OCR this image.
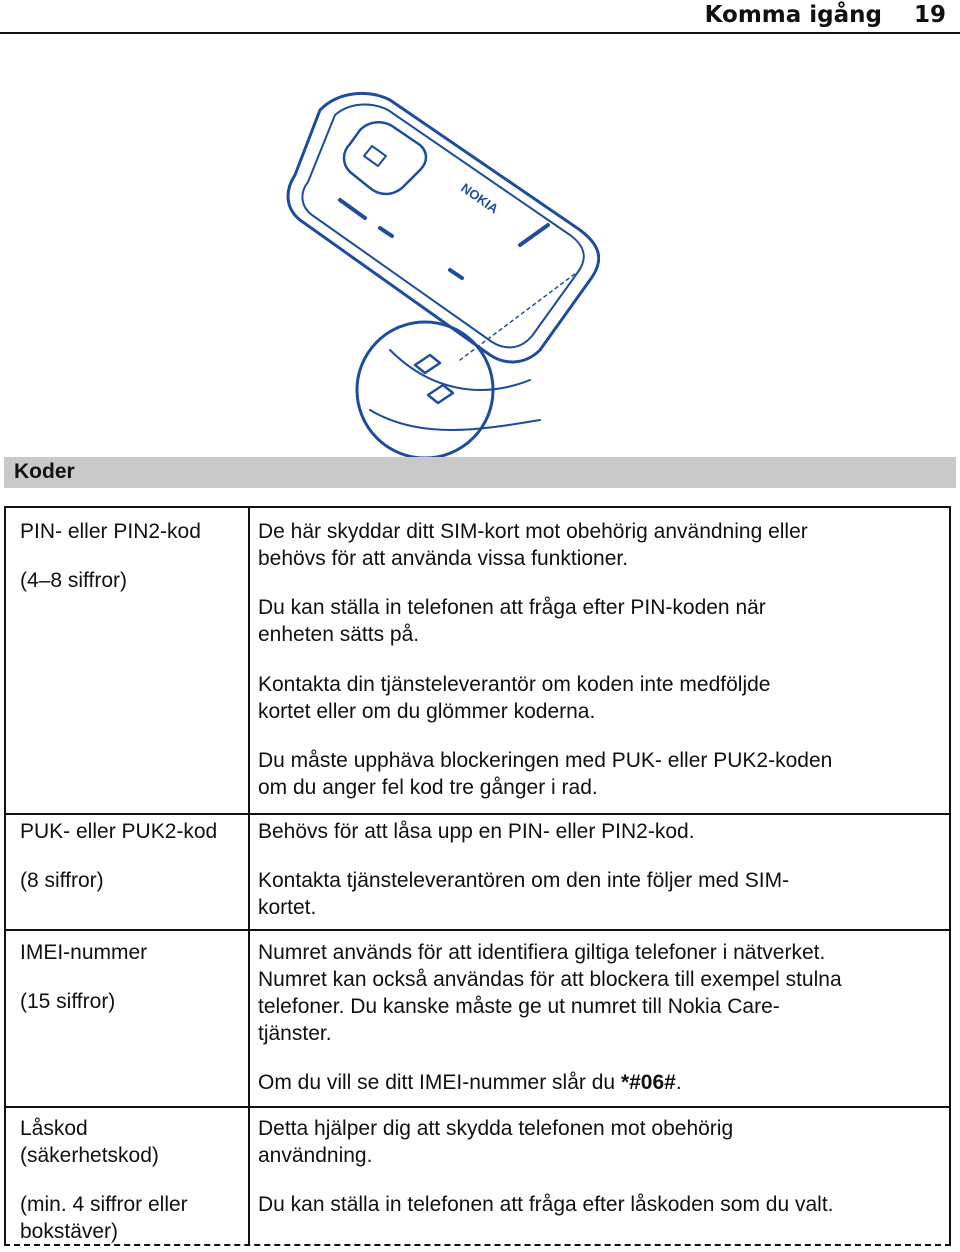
Komma igång 19
NOKIA
Koder
PIN- eller PIN2-kod
(4–8 siffror)
De här skyddar ditt SIM-kort mot obehörig användning eller
behövs för att använda vissa funktioner.
Du kan ställa in telefonen att fråga efter PIN-koden när
enheten sätts på.
Kontakta din tjänsteleverantör om koden inte medföljde
kortet eller om du glömmer koderna.
Du måste upphäva blockeringen med PUK- eller PUK2-koden
om du anger fel kod tre gånger i rad.
PUK- eller PUK2-kod
(8 siffror)
Behövs för att låsa upp en PIN- eller PIN2-kod.
Kontakta tjänsteleverantören om den inte följer med SIM-
kortet.
IMEI-nummer
(15 siffror)
Numret används för att identifiera giltiga telefoner i nätverket.
Numret kan också användas för att blockera till exempel stulna
telefoner. Du kanske måste ge ut numret till Nokia Care-
tjänster.
Om du vill se ditt IMEI-nummer slår du *#06#.
Låskod
(säkerhetskod)
(min. 4 siffror eller
bokstäver)
Detta hjälper dig att skydda telefonen mot obehörig
användning.
Du kan ställa in telefonen att fråga efter låskoden som du valt.
